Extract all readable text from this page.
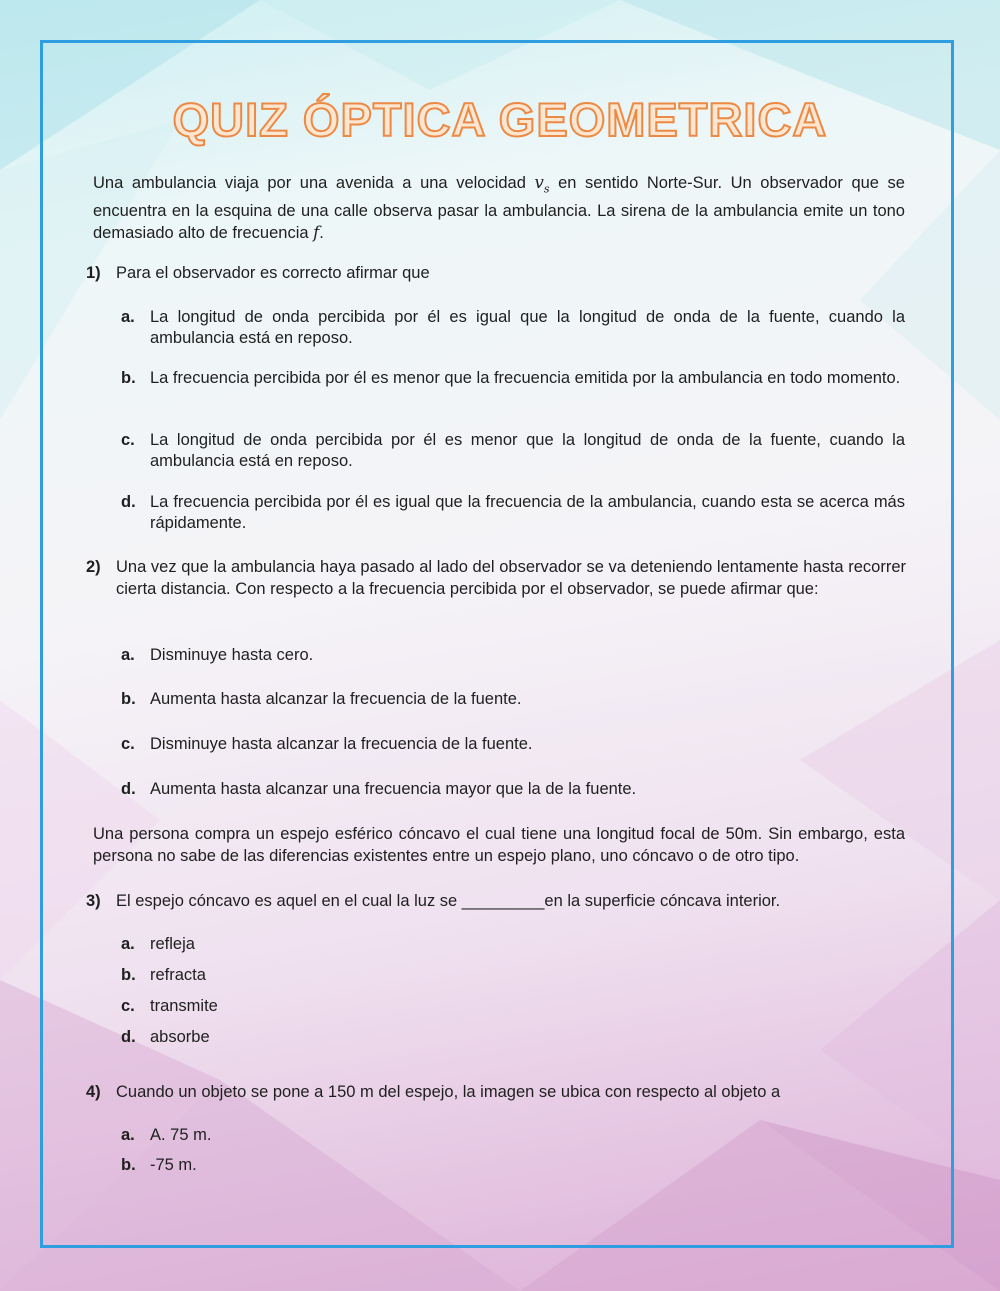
QUIZ ÓPTICA GEOMETRICA
Una ambulancia viaja por una avenida a una velocidad $v_s$ en sentido Norte-Sur. Un observador que se encuentra en la esquina de una calle observa pasar la ambulancia. La sirena de la ambulancia emite un tono demasiado alto de frecuencia f.
1) Para el observador es correcto afirmar que
a. La longitud de onda percibida por él es igual que la longitud de onda de la fuente, cuando la ambulancia está en reposo.
b. La frecuencia percibida por él es menor que la frecuencia emitida por la ambulancia en todo momento.
c. La longitud de onda percibida por él es menor que la longitud de onda de la fuente, cuando la ambulancia está en reposo.
d. La frecuencia percibida por él es igual que la frecuencia de la ambulancia, cuando esta se acerca más rápidamente.
2) Una vez que la ambulancia haya pasado al lado del observador se va deteniendo lentamente hasta recorrer cierta distancia. Con respecto a la frecuencia percibida por el observador, se puede afirmar que:
a. Disminuye hasta cero.
b. Aumenta hasta alcanzar la frecuencia de la fuente.
c. Disminuye hasta alcanzar la frecuencia de la fuente.
d. Aumenta hasta alcanzar una frecuencia mayor que la de la fuente.
Una persona compra un espejo esférico cóncavo el cual tiene una longitud focal de 50m. Sin embargo, esta persona no sabe de las diferencias existentes entre un espejo plano, uno cóncavo o de otro tipo.
3) El espejo cóncavo es aquel en el cual la luz se _________en la superficie cóncava interior.
a. refleja
b. refracta
c. transmite
d. absorbe
4) Cuando un objeto se pone a 150 m del espejo, la imagen se ubica con respecto al objeto a
a. A. 75 m.
b. -75 m.
